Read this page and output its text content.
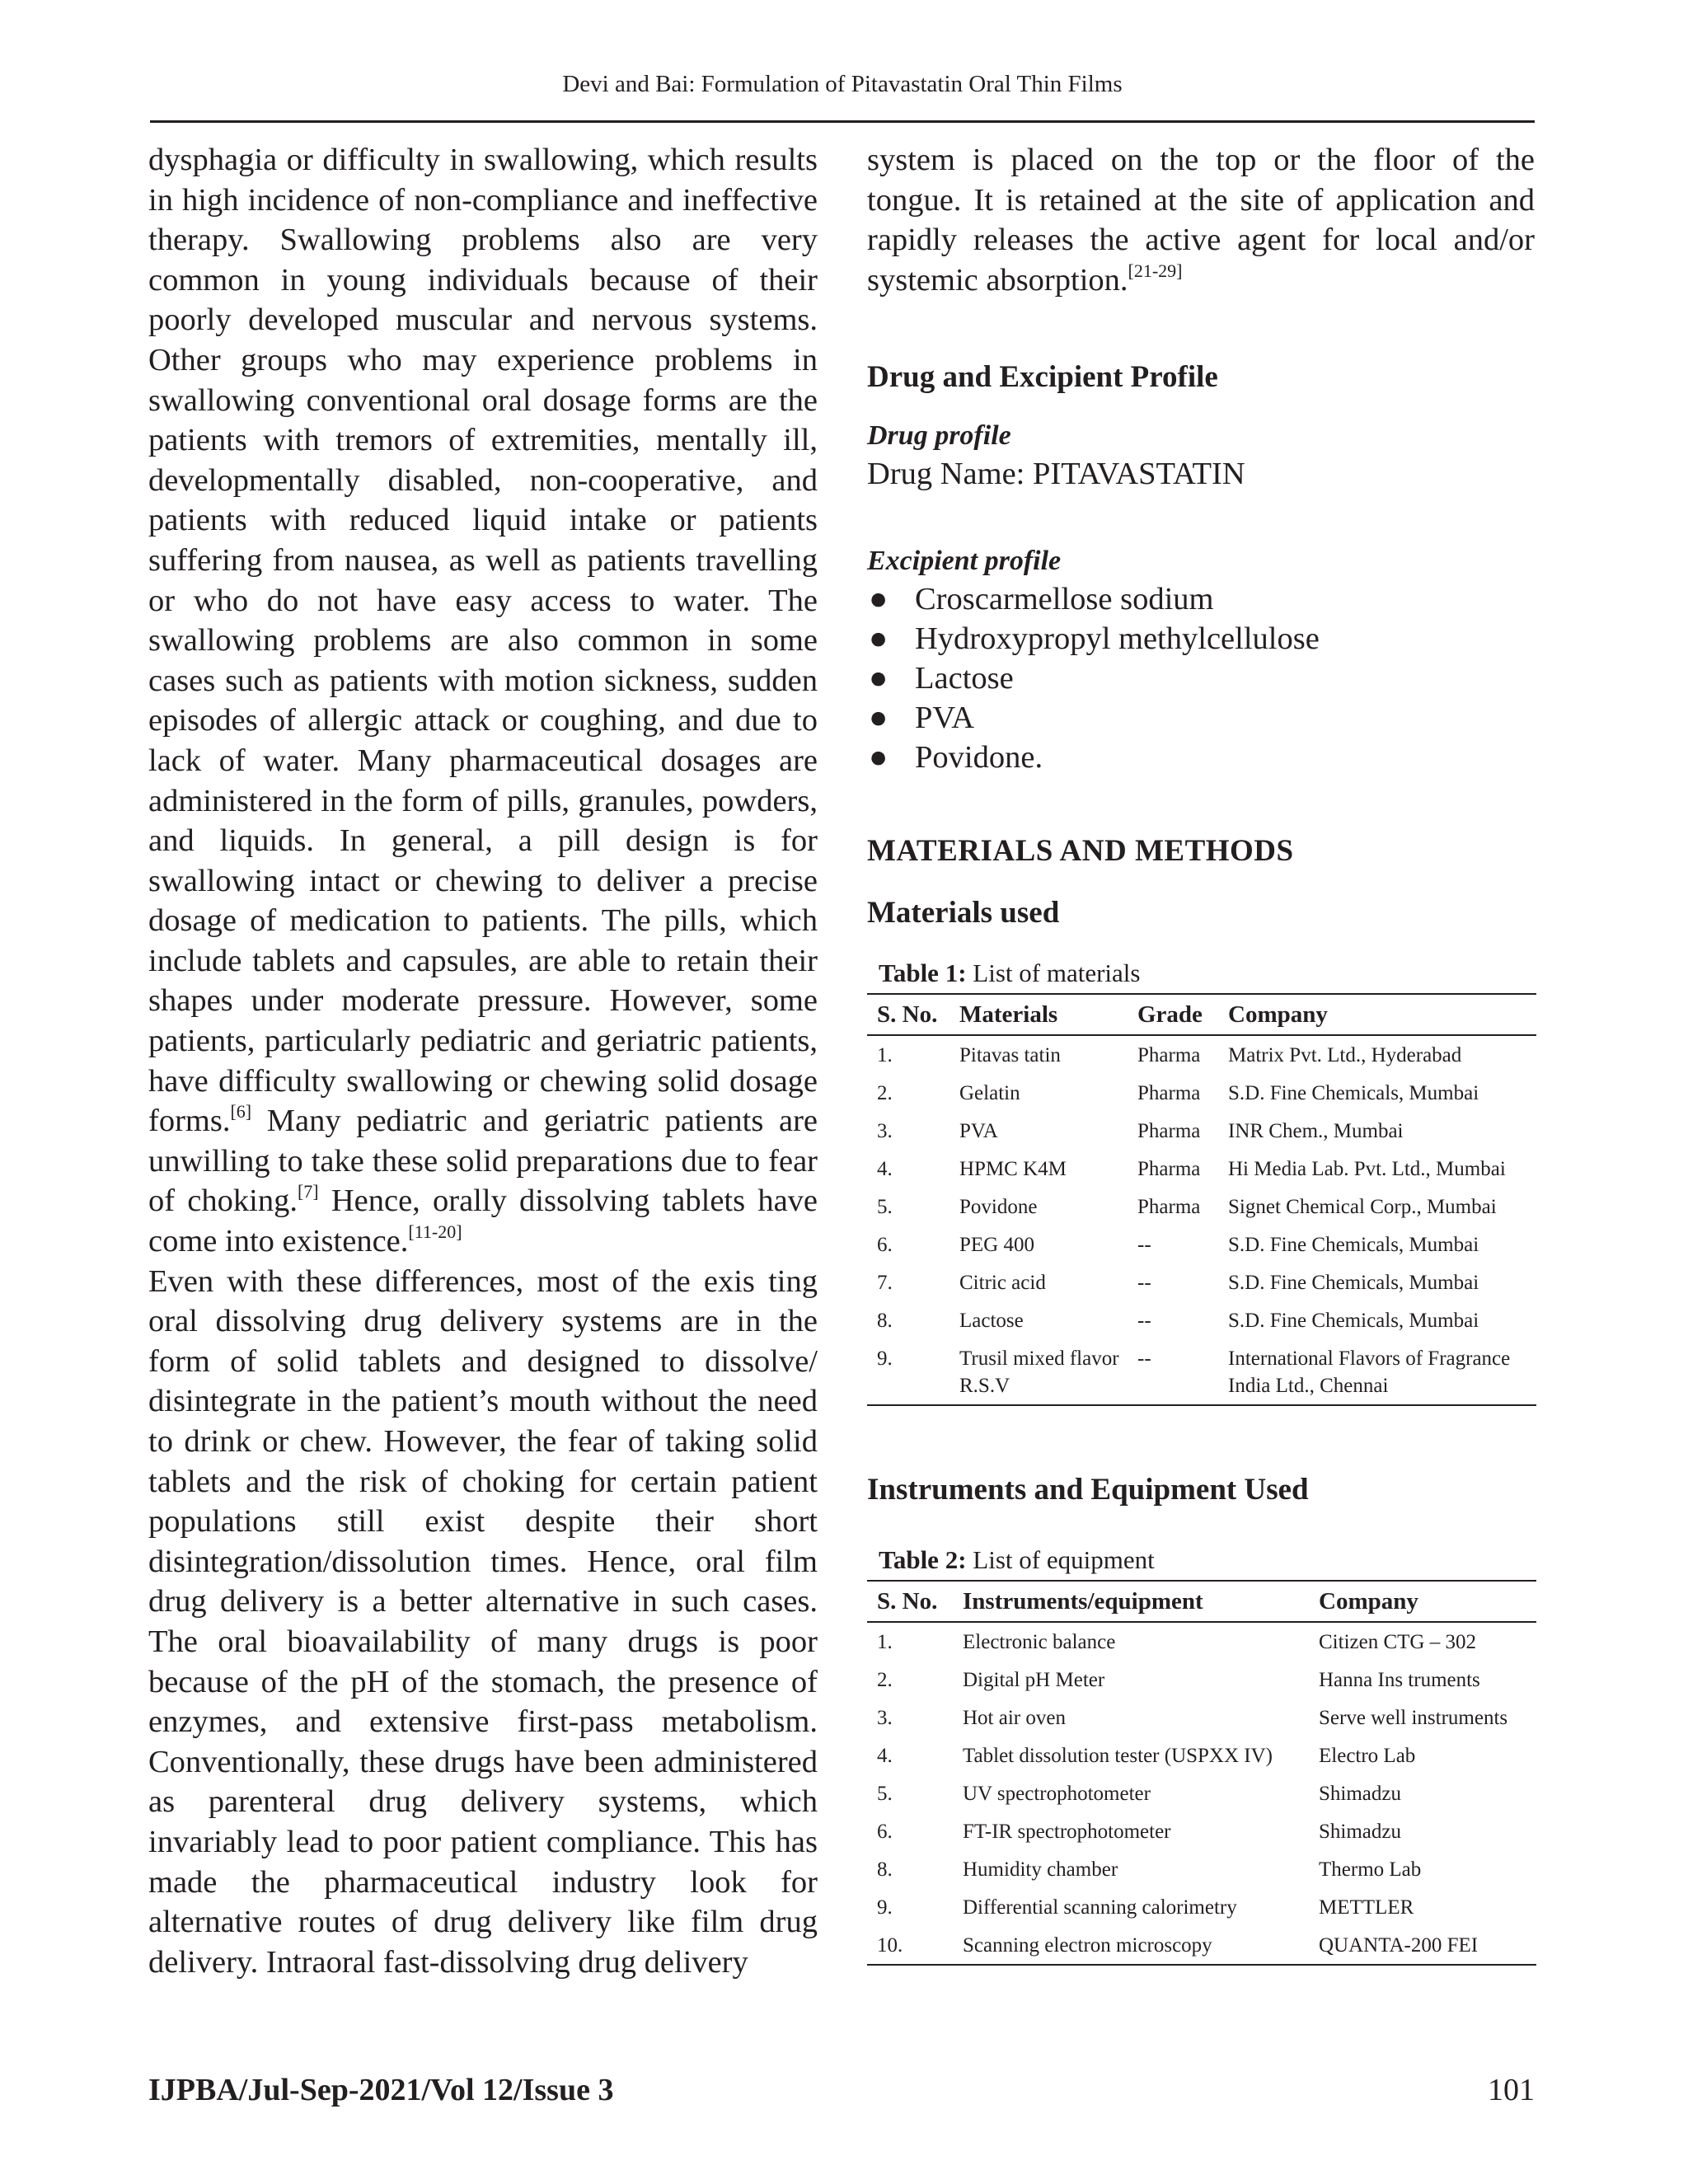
Devi and Bai: Formulation of Pitavastatin Oral Thin Films

dysphagia or difficulty in swallowing, which results in high incidence of non-compliance and ineffective therapy. Swallowing problems also are very common in young individuals because of their poorly developed muscular and nervous systems. Other groups who may experience problems in swallowing conventional oral dosage forms are the patients with tremors of extremities, mentally ill, developmentally disabled, non-cooperative, and patients with reduced liquid intake or patients suffering from nausea, as well as patients travelling or who do not have easy access to water. The swallowing problems are also common in some cases such as patients with motion sickness, sudden episodes of allergic attack or coughing, and due to lack of water. Many pharmaceutical dosages are administered in the form of pills, granules, powders, and liquids. In general, a pill design is for swallowing intact or chewing to deliver a precise dosage of medication to patients. The pills, which include tablets and capsules, are able to retain their shapes under moderate pressure. However, some patients, particularly pediatric and geriatric patients, have difficulty swallowing or chewing solid dosage forms.[6] Many pediatric and geriatric patients are unwilling to take these solid preparations due to fear of choking.[7] Hence, orally dissolving tablets have come into existence.[11-20]

Even with these differences, most of the exis ting oral dissolving drug delivery systems are in the form of solid tablets and designed to dissolve/ disintegrate in the patient’s mouth without the need to drink or chew. However, the fear of taking solid tablets and the risk of choking for certain patient populations still exist despite their short disintegration/dissolution times. Hence, oral film drug delivery is a better alternative in such cases. The oral bioavailability of many drugs is poor because of the pH of the stomach, the presence of enzymes, and extensive first-pass metabolism. Conventionally, these drugs have been administered as parenteral drug delivery systems, which invariably lead to poor patient compliance. This has made the pharmaceutical industry look for alternative routes of drug delivery like film drug delivery. Intraoral fast-dissolving drug delivery

system is placed on the top or the floor of the tongue. It is retained at the site of application and rapidly releases the active agent for local and/or systemic absorption.[21-29]

Drug and Excipient Profile
Drug profile
Drug Name: PITAVASTATIN
Excipient profile
● Croscarmellose sodium
● Hydroxypropyl methylcellulose
● Lactose
● PVA
● Povidone.
MATERIALS AND METHODS
Materials used
Table 1: List of materials
S. No.	Materials	Grade	Company
1.	Pitavas tatin	Pharma	Matrix Pvt. Ltd., Hyderabad
2.	Gelatin	Pharma	S.D. Fine Chemicals, Mumbai
3.	PVA	Pharma	INR Chem., Mumbai
4.	HPMC K4M	Pharma	Hi Media Lab. Pvt. Ltd., Mumbai
5.	Povidone	Pharma	Signet Chemical Corp., Mumbai
6.	PEG 400	--	S.D. Fine Chemicals, Mumbai
7.	Citric acid	--	S.D. Fine Chemicals, Mumbai
8.	Lactose	--	S.D. Fine Chemicals, Mumbai
9.	Trusil mixed flavor R.S.V	--	International Flavors of Fragrance India Ltd., Chennai
Instruments and Equipment Used
Table 2: List of equipment
S. No.	Instruments/equipment	Company
1.	Electronic balance	Citizen CTG – 302
2.	Digital pH Meter	Hanna Ins truments
3.	Hot air oven	Serve well instruments
4.	Tablet dissolution tester (USPXX IV)	Electro Lab
5.	UV spectrophotometer	Shimadzu
6.	FT-IR spectrophotometer	Shimadzu
8.	Humidity chamber	Thermo Lab
9.	Differential scanning calorimetry	METTLER
10.	Scanning electron microscopy	QUANTA-200 FEI
IJPBA/Jul-Sep-2021/Vol 12/Issue 3	101
